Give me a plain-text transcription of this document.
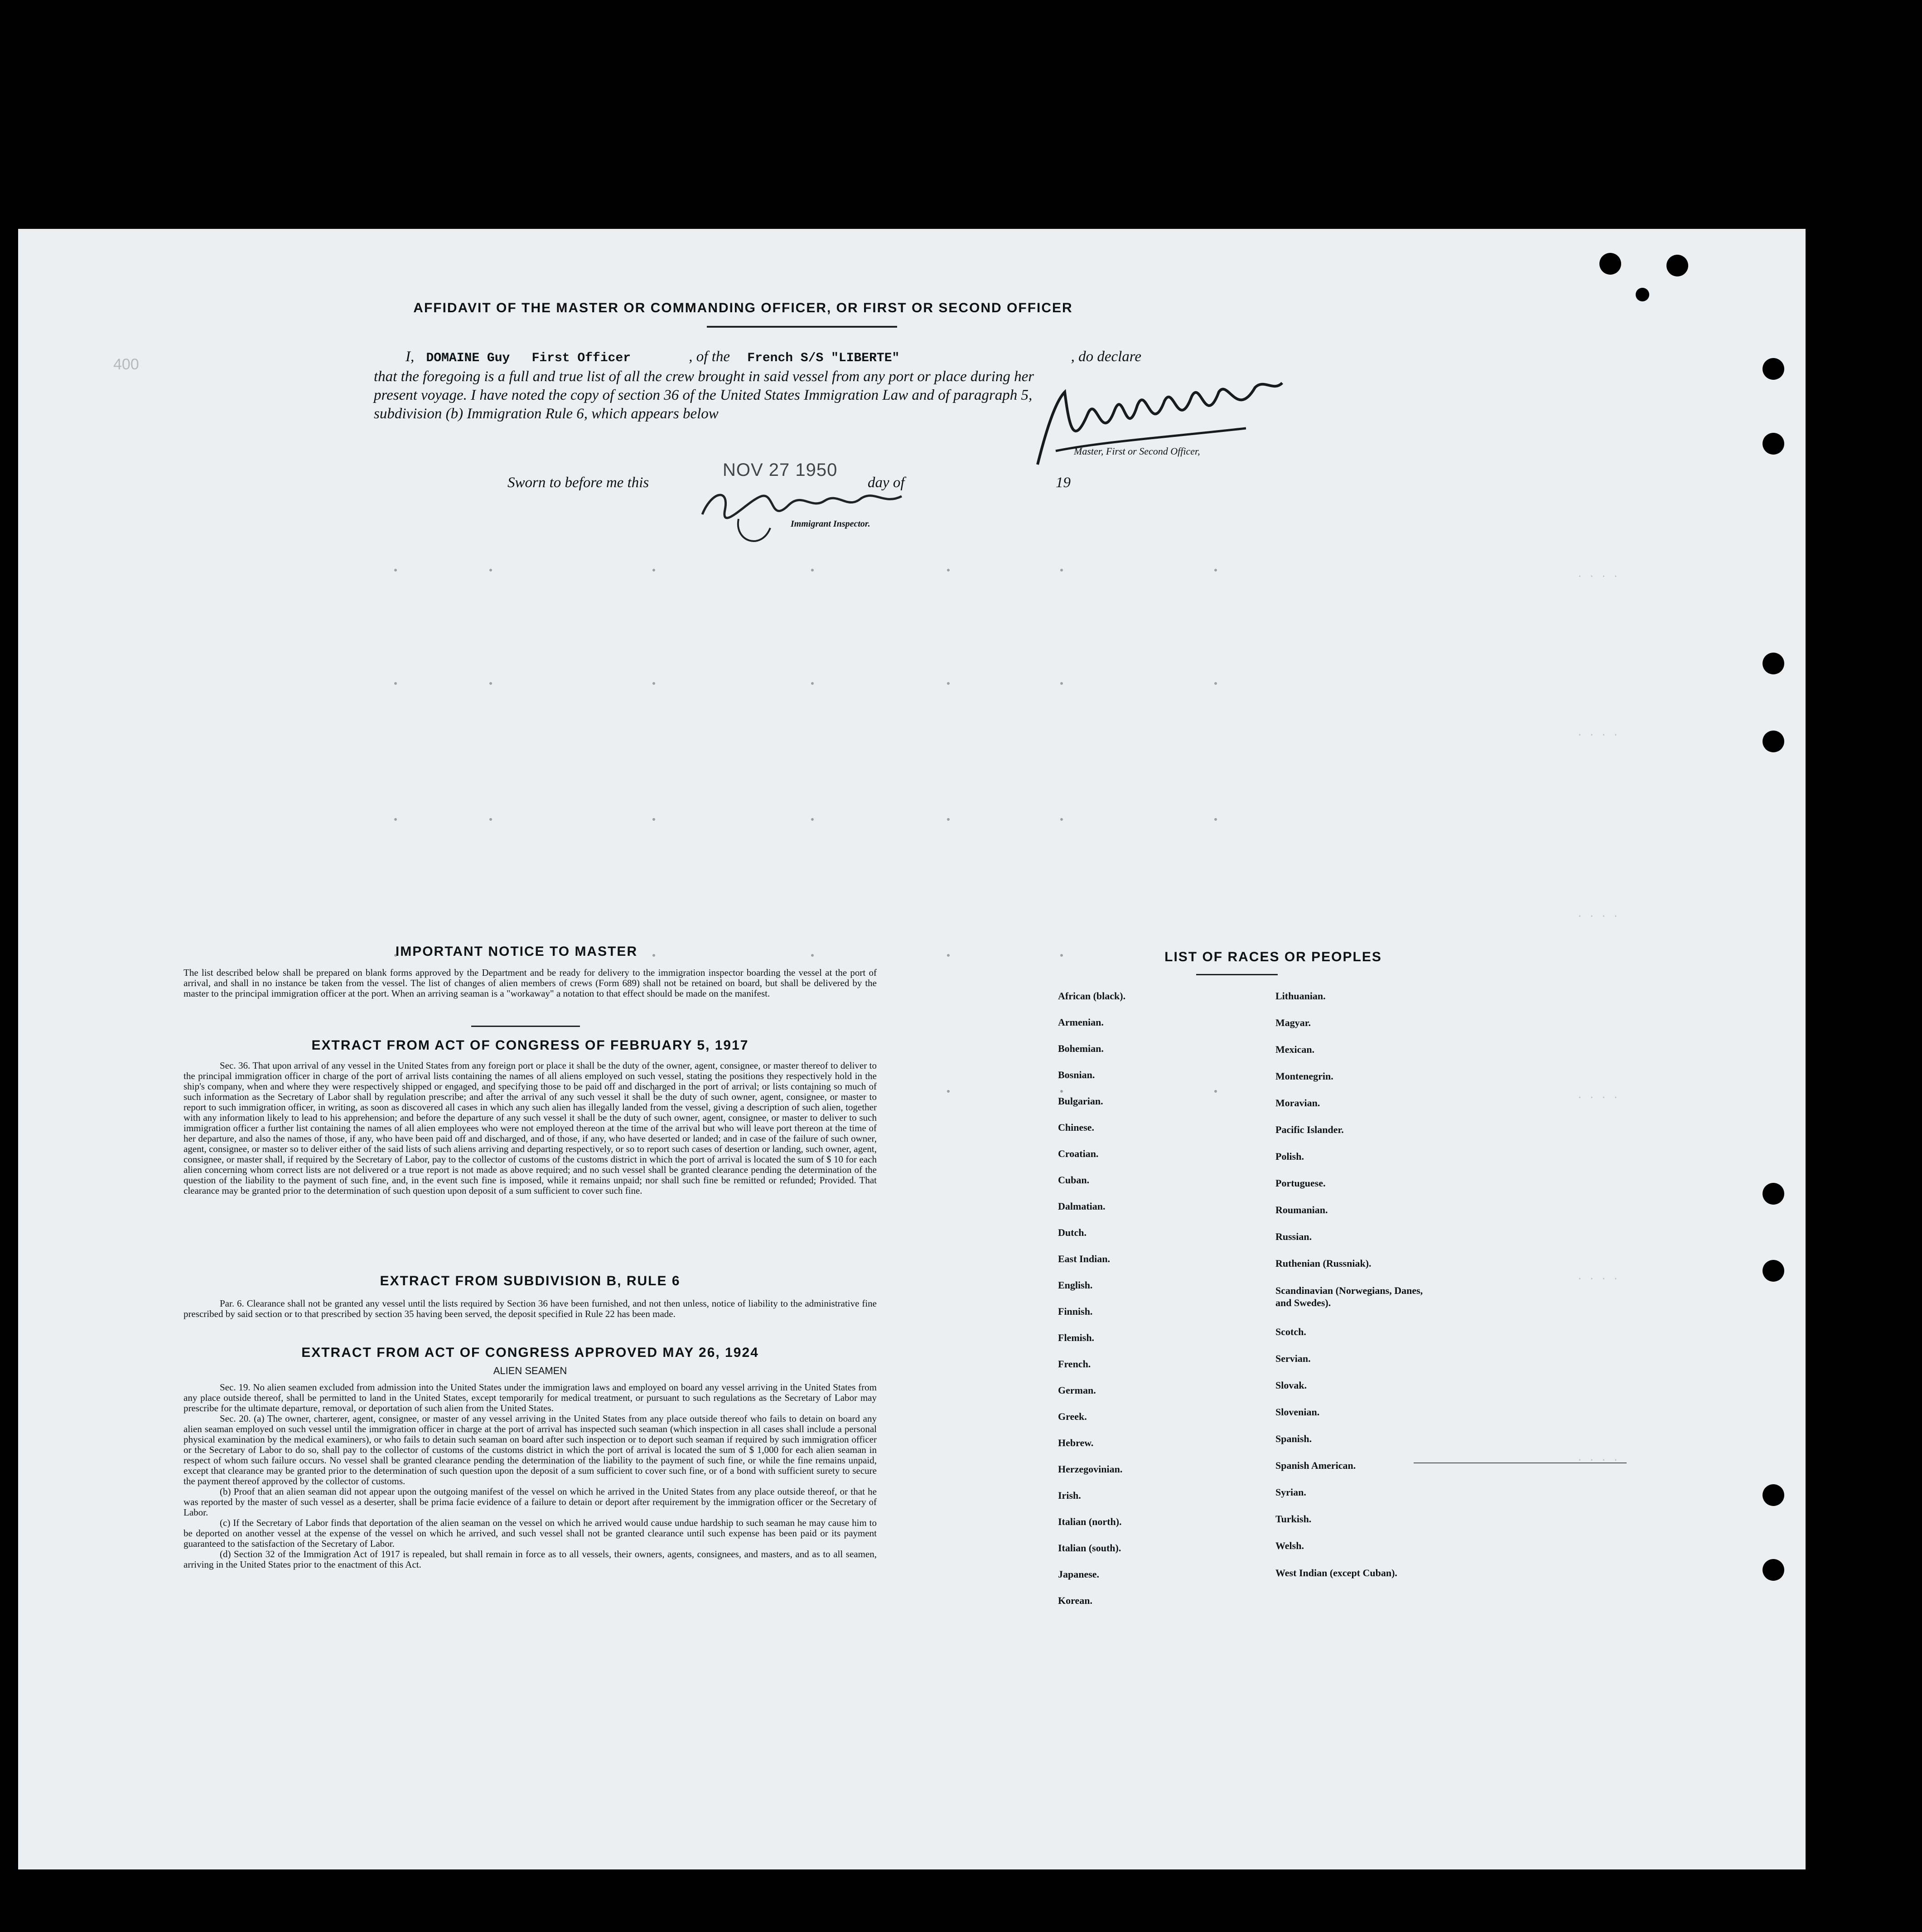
400
AFFIDAVIT OF THE MASTER OR COMMANDING OFFICER, OR FIRST OR SECOND OFFICER
I, DOMAINE Guy First Officer	, of the French S/S "LIBERTE"	, do declare
that the foregoing is a full and true list of all the crew brought in said vessel from any port or place during her
present voyage. I have noted the copy of section 36 of the United States Immigration Law and of paragraph 5,
subdivision (b) Immigration Rule 6, which appears below
Master, First or Second Officer,
Sworn to before me this
NOV 27 1950
day of	19
Immigrant Inspector.
IMPORTANT NOTICE TO MASTER
The list described below shall be prepared on blank forms approved by the Department and be ready for delivery to the immigration inspector boarding the vessel at the port of arrival, and shall in no instance be taken from the vessel. The list of changes of alien members of crews (Form 689) shall not be retained on board, but shall be delivered by the master to the principal immigration officer at the port. When an arriving seaman is a "workaway" a notation to that effect should be made on the manifest.
EXTRACT FROM ACT OF CONGRESS OF FEBRUARY 5, 1917
Sec. 36. That upon arrival of any vessel in the United States from any foreign port or place it shall be the duty of the owner, agent, consignee, or master thereof to deliver to the principal immigration officer in charge of the port of arrival lists containing the names of all aliens employed on such vessel, stating the positions they respectively hold in the ship's company, when and where they were respectively shipped or engaged, and specifying those to be paid off and discharged in the port of arrival; or lists containing so much of such information as the Secretary of Labor shall by regulation prescribe; and after the arrival of any such vessel it shall be the duty of such owner, agent, consignee, or master to report to such immigration officer, in writing, as soon as discovered all cases in which any such alien has illegally landed from the vessel, giving a description of such alien, together with any information likely to lead to his apprehension; and before the departure of any such vessel it shall be the duty of such owner, agent, consignee, or master to deliver to such immigration officer a further list containing the names of all alien employees who were not employed thereon at the time of the arrival but who will leave port thereon at the time of her departure, and also the names of those, if any, who have been paid off and discharged, and of those, if any, who have deserted or landed; and in case of the failure of such owner, agent, consignee, or master so to deliver either of the said lists of such aliens arriving and departing respectively, or so to report such cases of desertion or landing, such owner, agent, consignee, or master shall, if required by the Secretary of Labor, pay to the collector of customs of the customs district in which the port of arrival is located the sum of $ 10 for each alien concerning whom correct lists are not delivered or a true report is not made as above required; and no such vessel shall be granted clearance pending the determination of the question of the liability to the payment of such fine, and, in the event such fine is imposed, while it remains unpaid; nor shall such fine be remitted or refunded; Provided. That clearance may be granted prior to the determination of such question upon deposit of a sum sufficient to cover such fine.
EXTRACT FROM SUBDIVISION B, RULE 6
Par. 6. Clearance shall not be granted any vessel until the lists required by Section 36 have been furnished, and not then unless, notice of liability to the administrative fine prescribed by said section or to that prescribed by section 35 having been served, the deposit specified in Rule 22 has been made.
EXTRACT FROM ACT OF CONGRESS APPROVED MAY 26, 1924
ALIEN SEAMEN
Sec. 19. No alien seamen excluded from admission into the United States under the immigration laws and employed on board any vessel arriving in the United States from any place outside thereof, shall be permitted to land in the United States, except temporarily for medical treatment, or pursuant to such regulations as the Secretary of Labor may prescribe for the ultimate departure, removal, or deportation of such alien from the United States.
Sec. 20. (a) The owner, charterer, agent, consignee, or master of any vessel arriving in the United States from any place outside thereof who fails to detain on board any alien seaman employed on such vessel until the immigration officer in charge at the port of arrival has inspected such seaman (which inspection in all cases shall include a personal physical examination by the medical examiners), or who fails to detain such seaman on board after such inspection or to deport such seaman if required by such immigration officer or the Secretary of Labor to do so, shall pay to the collector of customs of the customs district in which the port of arrival is located the sum of $ 1,000 for each alien seaman in respect of whom such failure occurs. No vessel shall be granted clearance pending the determination of the liability to the payment of such fine, or while the fine remains unpaid, except that clearance may be granted prior to the determination of such question upon the deposit of a sum sufficient to cover such fine, or of a bond with sufficient surety to secure the payment thereof approved by the collector of customs.
(b) Proof that an alien seaman did not appear upon the outgoing manifest of the vessel on which he arrived in the United States from any place outside thereof, or that he was reported by the master of such vessel as a deserter, shall be prima facie evidence of a failure to detain or deport after requirement by the immigration officer or the Secretary of Labor.
(c) If the Secretary of Labor finds that deportation of the alien seaman on the vessel on which he arrived would cause undue hardship to such seaman he may cause him to be deported on another vessel at the expense of the vessel on which he arrived, and such vessel shall not be granted clearance until such expense has been paid or its payment guaranteed to the satisfaction of the Secretary of Labor.
(d) Section 32 of the Immigration Act of 1917 is repealed, but shall remain in force as to all vessels, their owners, agents, consignees, and masters, and as to all seamen, arriving in the United States prior to the enactment of this Act.
LIST OF RACES OR PEOPLES
African (black).
Armenian.
Bohemian.
Bosnian.
Bulgarian.
Chinese.
Croatian.
Cuban.
Dalmatian.
Dutch.
East Indian.
English.
Finnish.
Flemish.
French.
German.
Greek.
Hebrew.
Herzegovinian.
Irish.
Italian (north).
Italian (south).
Japanese.
Korean.
Lithuanian.
Magyar.
Mexican.
Montenegrin.
Moravian.
Pacific Islander.
Polish.
Portuguese.
Roumanian.
Russian.
Ruthenian (Russniak).
Scandinavian (Norwegians, Danes, and Swedes).
Scotch.
Servian.
Slovak.
Slovenian.
Spanish.
Spanish American.
Syrian.
Turkish.
Welsh.
West Indian (except Cuban).
. . . .
. . . .
. . . .
. . . .
. . . .
. . . .
